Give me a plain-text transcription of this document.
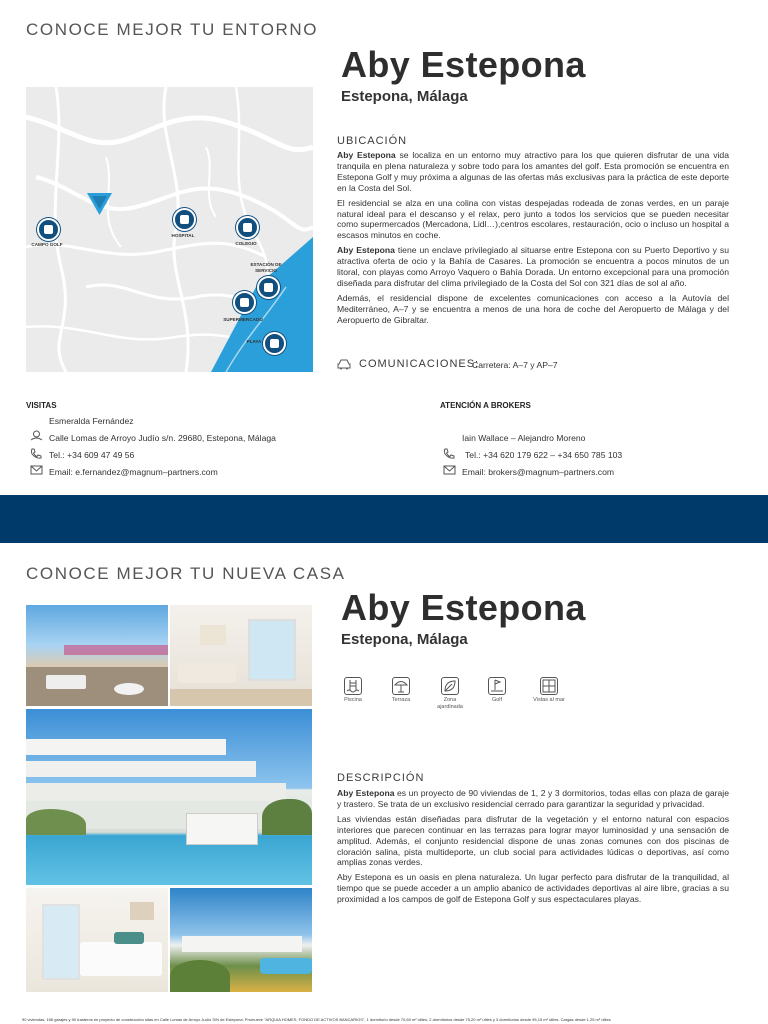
CONOCE MEJOR TU ENTORNO
CAMPO GOLF
HOSPITAL
COLEGIO
ESTACIÓN DE SERVICIO
SUPERMERCADO
PLAYA
Aby Estepona
Estepona, Málaga
UBICACIÓN

Aby Estepona se localiza en un entorno muy atractivo para los que quieren disfrutar de una vida tranquila en plena naturaleza y sobre todo para los amantes del golf. Esta promoción se encuentra en Estepona Golf y muy próxima a algunas de las ofertas más exclusivas para la práctica de este deporte en la Costa del Sol.

El residencial se alza en una colina con vistas despejadas rodeada de zonas verdes, en un paraje natural ideal para el descanso y el relax, pero junto a todos los servicios que se pueden necesitar como supermercados (Mercadona, Lidl…),centros escolares, restauración, ocio o incluso un hospital a escasos minutos en coche.

Aby Estepona tiene un enclave privilegiado al situarse entre Estepona con su Puerto Deportivo y su atractiva oferta de ocio y la Bahía de Casares. La promoción se encuentra a pocos minutos de un litoral, con playas como Arroyo Vaquero o Bahía Dorada. Un entorno excepcional para una promoción diseñada para disfrutar del clima privilegiado de la Costa del Sol con 321 días de sol al año.

Además, el residencial dispone de excelentes comunicaciones con acceso a la Autovía del Mediterráneo, A–7 y se encuentra a menos de una hora de coche del Aeropuerto de Málaga y del Aeropuerto de Gibraltar.

COMUNICACIONES:
Carretera: A–7 y AP–7
VISITAS
Esmeralda Fernández
Calle Lomas de Arroyo Judío s/n. 29680, Estepona, Málaga
Tel.: +34 609 47 49 56
Email: e.fernandez@magnum–partners.com
ATENCIÓN A BROKERS
Iain Wallace – Alejandro Moreno
Tel.: +34 620 179 622 – +34 650 785 103
Email: brokers@magnum–partners.com
CONOCE MEJOR TU NUEVA CASA
Aby Estepona
Estepona, Málaga
Piscina	Terraza	Zona ajardinada
Golf	Vistas al mar
DESCRIPCIÓN

Aby Estepona es un proyecto de 90 viviendas de 1, 2 y 3 dormitorios, todas ellas con plaza de garaje y trastero. Se trata de un exclusivo residencial cerrado para garantizar la seguridad y privacidad.

Las viviendas están diseñadas para disfrutar de la vegetación y el entorno natural con espacios interiores que parecen continuar en las terrazas para lograr mayor luminosidad y una sensación de amplitud. Además, el conjunto residencial dispone de unas zonas comunes con dos piscinas de cloración salina, pista multideporte, un club social para actividades lúdicas o deportivas, así como amplias zonas verdes.

Aby Estepona es un oasis en plena naturaleza. Un lugar perfecto para disfrutar de la tranquilidad, al tiempo que se puede acceder a un amplio abanico de actividades deportivas al aire libre, gracias a su proximidad a los campos de golf de Estepona Golf y sus espectaculares playas.

90 viviendas, 156 garajes y 90 trasteros en proyecto de construcción sitas en Calle Lomas de Arroyo Judío S/N de Estepona. Promueve "ARQUIA HOMES, FONDO DE ACTIVOS BANCARIOS", 1 dormitorio desde 70,69 m² útiles, 2 dormitorios desde 75,20 m² útiles y 3 dormitorios desde 95,15 m² útiles. Cargas desde 1,25 m² útiles
